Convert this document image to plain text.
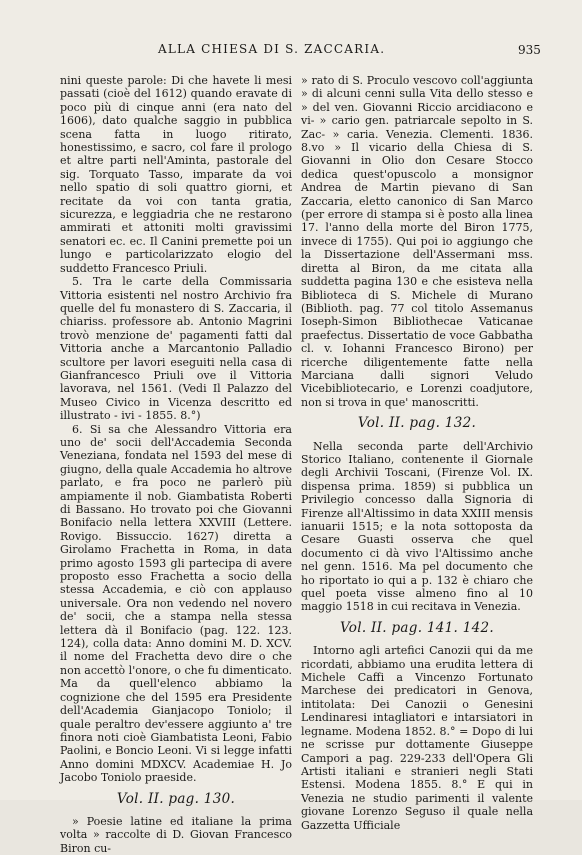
ALLA CHIESA DI S. ZACCARIA.	935

nini queste parole: Di che havete li mesi passati (cioè del 1612) quando eravate di poco più di cinque anni (era nato del 1606), dato qualche saggio in pubblica scena fatta in luogo ritirato, honestissimo, e sacro, col fare il prologo et altre parti nell'Aminta, pastorale del sig. Torquato Tasso, imparate da voi nello spatio di soli quattro giorni, et recitate da voi con tanta gratia, sicurezza, e leggiadria che ne restarono ammirati et attoniti molti gravissimi senatori ec. ec. Il Canini premette poi un lungo e particolarizzato elogio del suddetto Francesco Priuli.

5. Tra le carte della Commissaria Vittoria esistenti nel nostro Archivio fra quelle del fu monastero di S. Zaccaria, il chiariss. professore ab. Antonio Magrini trovò menzione de' pagamenti fatti dal Vittoria anche a Marcantonio Palladio scultore per lavori eseguiti nella casa di Gianfrancesco Priuli ove il Vittoria lavorava, nel 1561. (Vedi Il Palazzo del Museo Civico in Vicenza descritto ed illustrato - ivi - 1855. 8.°)

6. Si sa che Alessandro Vittoria era uno de' socii dell'Accademia Seconda Veneziana, fondata nel 1593 del mese di giugno, della quale Accademia ho altrove parlato, e fra poco ne parlerò più ampiamente il nob. Giambatista Roberti di Bassano. Ho trovato poi che Giovanni Bonifacio nella lettera XXVIII (Lettere. Rovigo. Bissuccio. 1627) diretta a Girolamo Frachetta in Roma, in data primo agosto 1593 gli partecipa di avere proposto esso Frachetta a socio della stessa Accademia, e ciò con applauso universale. Ora non vedendo nel novero de' socii, che a stampa nella stessa lettera dà il Bonifacio (pag. 122. 123. 124), colla data: Anno domini M. D. XCV. il nome del Frachetta devo dire o che non accettò l'onore, o che fu dimenticato. Ma da quell'elenco abbiamo la cognizione che del 1595 era Presidente dell'Academia Gianjacopo Toniolo; il quale peraltro dev'essere aggiunto a' tre finora noti cioè Giambatista Leoni, Fabio Paolini, e Boncio Leoni. Vi si legge infatti Anno domini MDXCV. Academiae H. Jo Jacobo Toniolo praeside.

Vol. II. pag. 130.

» Poesie latine ed italiane la prima volta » raccolte di D. Giovan Francesco Biron cu-

» rato di S. Proculo vescovo coll'aggiunta » di alcuni cenni sulla Vita dello stesso e » del ven. Giovanni Riccio arcidiacono e vi- » cario gen. patriarcale sepolto in S. Zac- » caria. Venezia. Clementi. 1836. 8.vo » Il vicario della Chiesa di S. Giovanni in Olio don Cesare Stocco dedica quest'opuscolo a monsignor Andrea de Martin pievano di San Zaccaria, eletto canonico di San Marco (per errore di stampa si è posto alla linea 17. l'anno della morte del Biron 1775, invece di 1755). Qui poi io aggiungo che la Dissertazione dell'Assermani mss. diretta al Biron, da me citata alla suddetta pagina 130 e che esisteva nella Biblioteca di S. Michele di Murano (Biblioth. pag. 77 col titolo Assemanus Ioseph-Simon Bibliothecae Vaticanae praefectus. Dissertatio de voce Gabbatha cl. v. Iohanni Francesco Birono) per ricerche diligentemente fatte nella Marciana dalli signori Veludo Vicebibliotecario, e Lorenzi coadjutore, non si trova in que' manoscritti.

Vol. II. pag. 132.

Nella seconda parte dell'Archivio Storico Italiano, contenente il Giornale degli Archivii Toscani, (Firenze Vol. IX. dispensa prima. 1859) si pubblica un Privilegio concesso dalla Signoria di Firenze all'Altissimo in data XXIII mensis ianuarii 1515; e la nota sottoposta da Cesare Guasti osserva che quel documento ci dà vivo l'Altissimo anche nel genn. 1516. Ma pel documento che ho riportato io qui a p. 132 è chiaro che quel poeta visse almeno fino al 10 maggio 1518 in cui recitava in Venezia.

Vol. II. pag. 141. 142.

Intorno agli artefici Canozii qui da me ricordati, abbiamo una erudita lettera di Michele Caffi a Vincenzo Fortunato Marchese dei predicatori in Genova, intitolata: Dei Canozii o Genesini Lendinaresi intagliatori e intarsiatori in legname. Modena 1852. 8.° = Dopo di lui ne scrisse pur dottamente Giuseppe Campori a pag. 229-233 dell'Opera Gli Artisti italiani e stranieri negli Stati Estensi. Modena 1855. 8.° E qui in Venezia ne studio parimenti il valente giovane Lorenzo Seguso il quale nella Gazzetta Ufficiale
